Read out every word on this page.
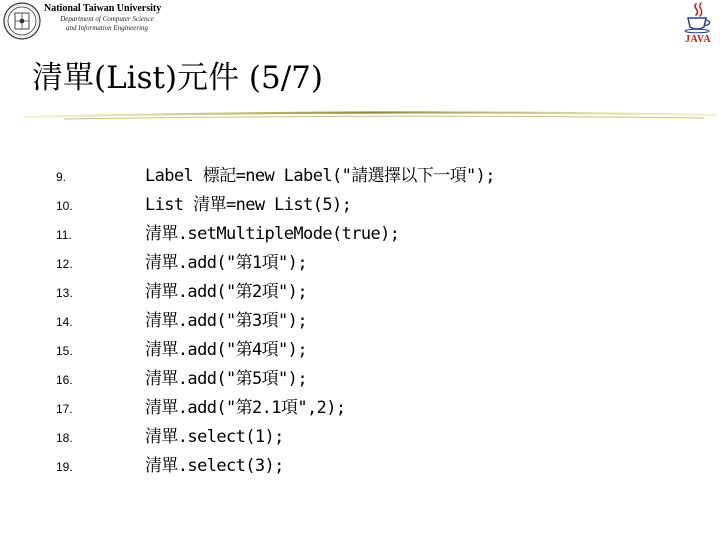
National Taiwan University
Department of Computer Science
and Information Engineering
JAVA
清單(List)元件 (5/7)
9.	Label 標記=new Label("請選擇以下一項");
10.	List 清單=new List(5);
11.	清單.setMultipleMode(true);
12.	清單.add("第1項");
13.	清單.add("第2項");
14.	清單.add("第3項");
15.	清單.add("第4項");
16.	清單.add("第5項");
17.	清單.add("第2.1項",2);
18.	清單.select(1);
19.	清單.select(3);
